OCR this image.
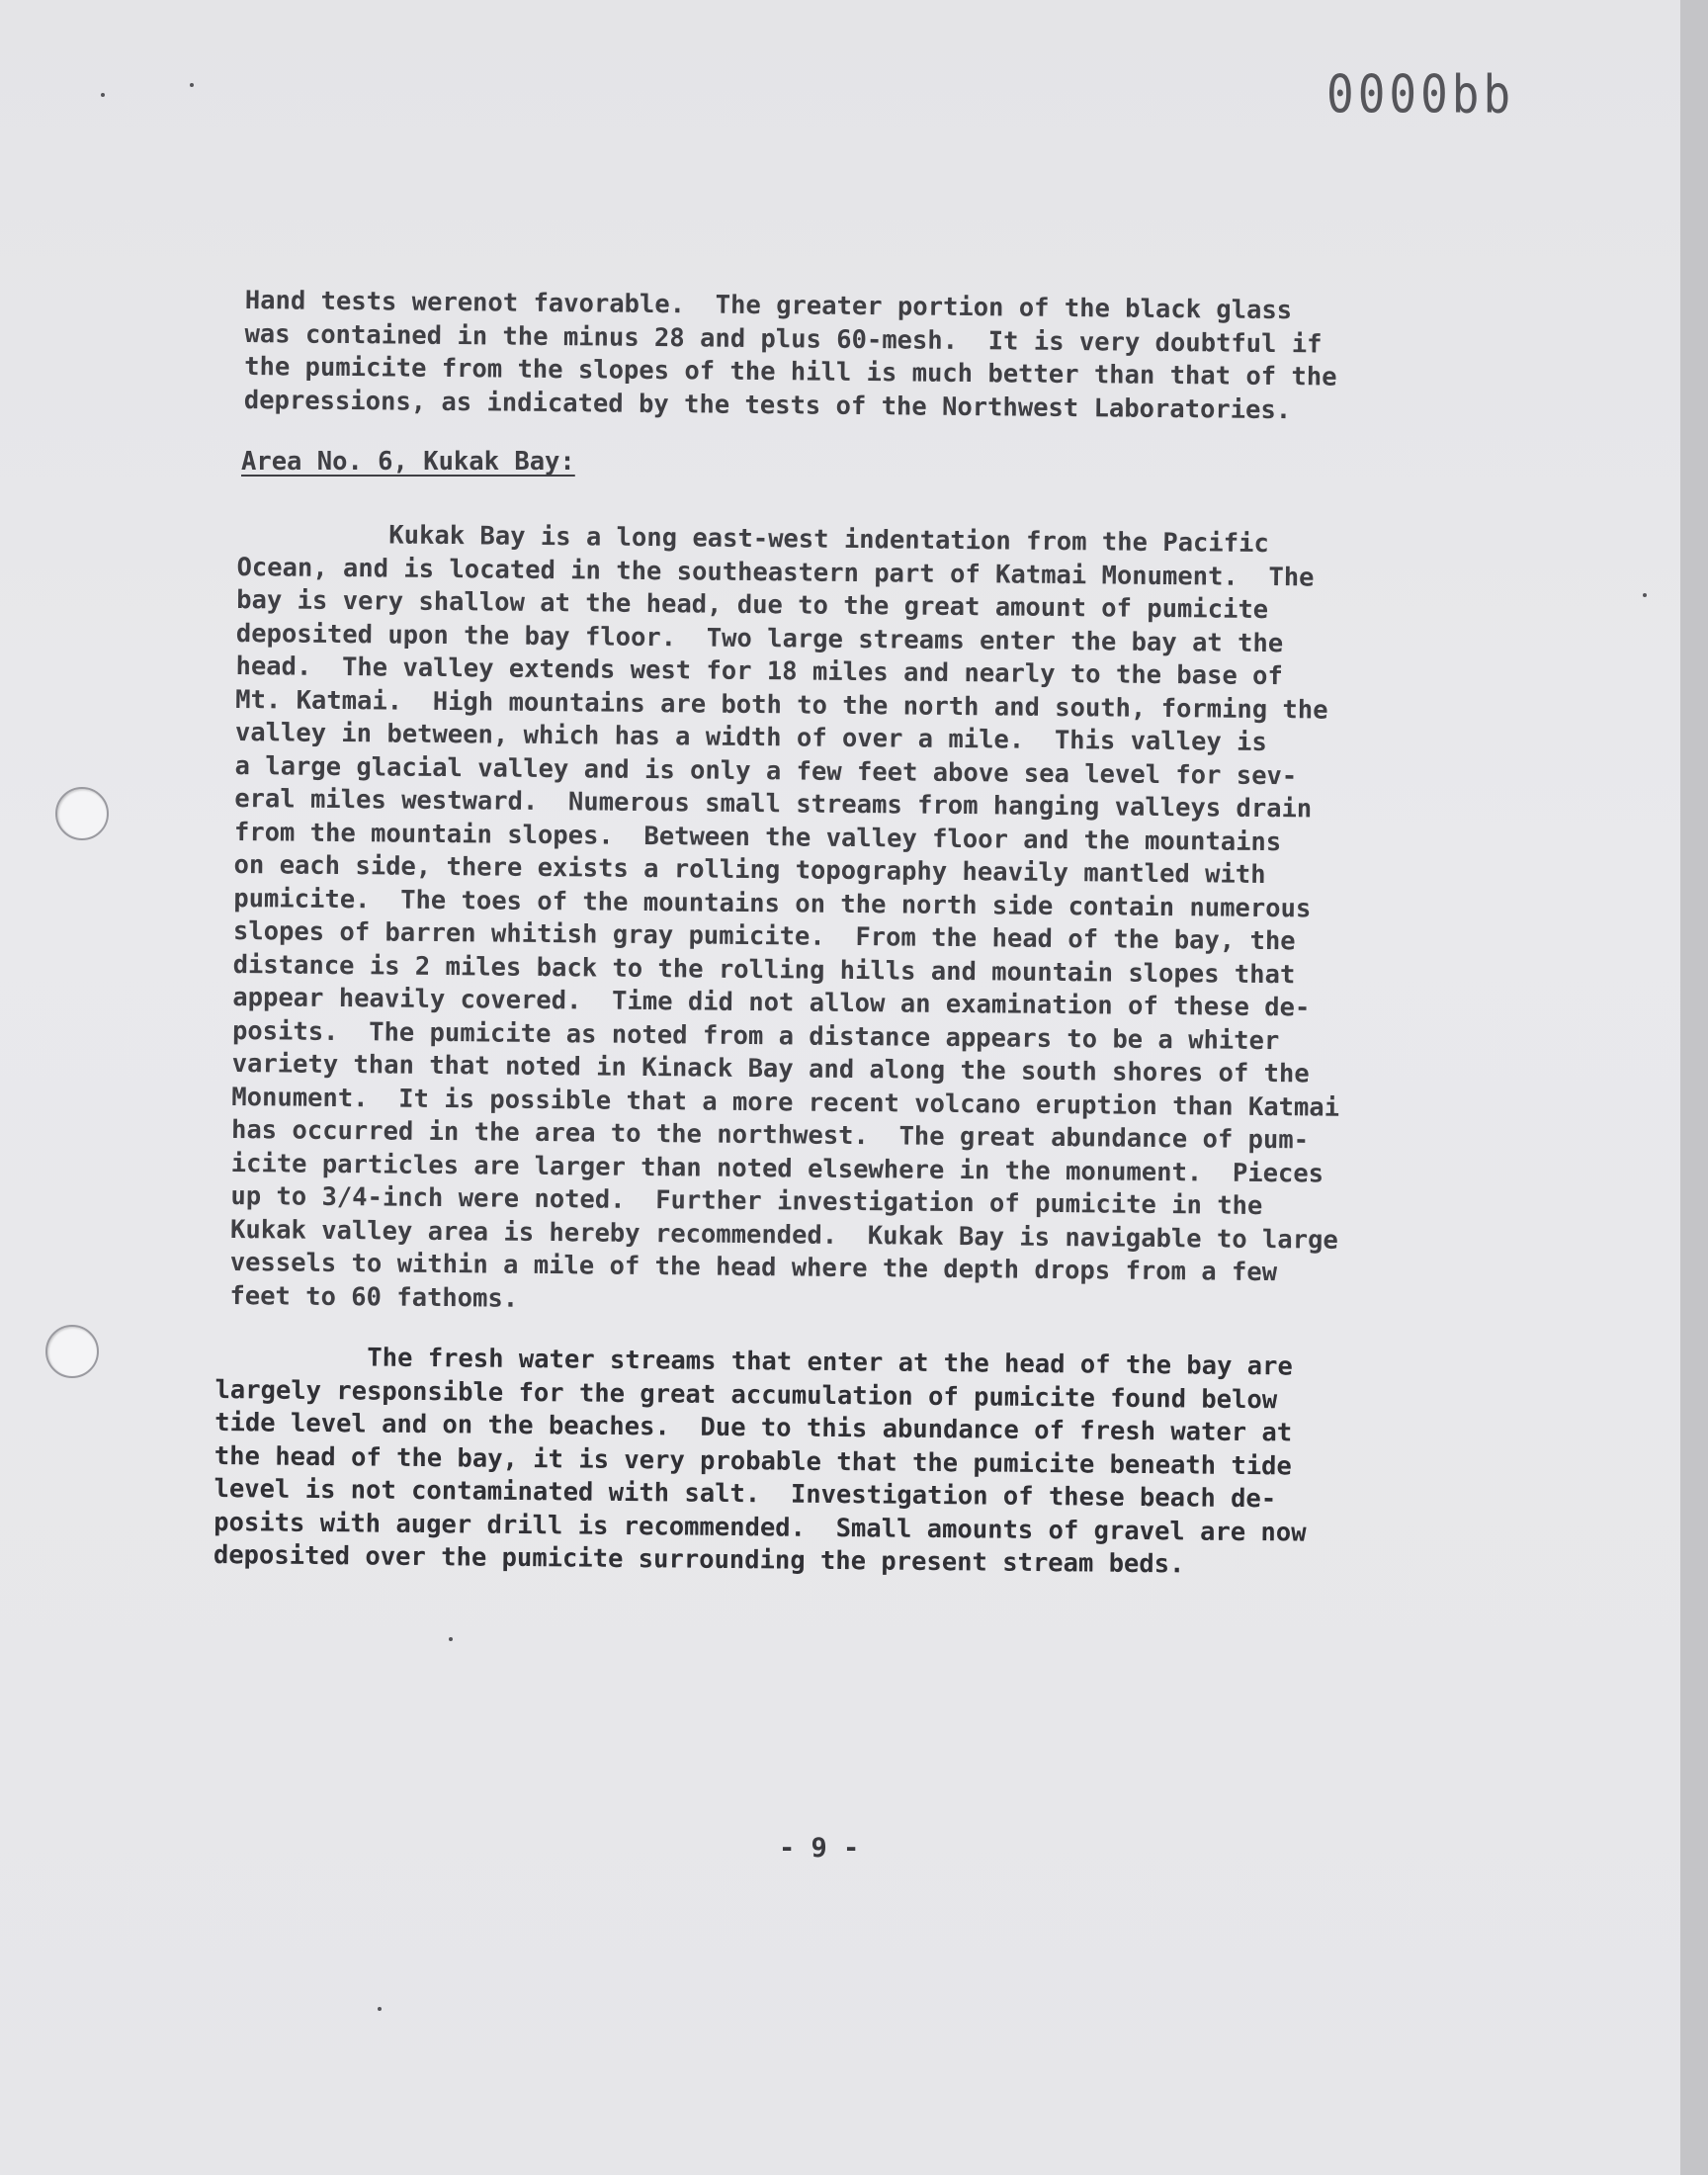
0000bb
Hand tests werenot favorable.  The greater portion of the black glass
was contained in the minus 28 and plus 60-mesh.  It is very doubtful if
the pumicite from the slopes of the hill is much better than that of the
depressions, as indicated by the tests of the Northwest Laboratories.
Area No. 6, Kukak Bay:
Kukak Bay is a long east-west indentation from the Pacific
Ocean, and is located in the southeastern part of Katmai Monument.  The
bay is very shallow at the head, due to the great amount of pumicite
deposited upon the bay floor.  Two large streams enter the bay at the
head.  The valley extends west for 18 miles and nearly to the base of
Mt. Katmai.  High mountains are both to the north and south, forming the
valley in between, which has a width of over a mile.  This valley is
a large glacial valley and is only a few feet above sea level for sev-
eral miles westward.  Numerous small streams from hanging valleys drain
from the mountain slopes.  Between the valley floor and the mountains
on each side, there exists a rolling topography heavily mantled with
pumicite.  The toes of the mountains on the north side contain numerous
slopes of barren whitish gray pumicite.  From the head of the bay, the
distance is 2 miles back to the rolling hills and mountain slopes that
appear heavily covered.  Time did not allow an examination of these de-
posits.  The pumicite as noted from a distance appears to be a whiter
variety than that noted in Kinack Bay and along the south shores of the
Monument.  It is possible that a more recent volcano eruption than Katmai
has occurred in the area to the northwest.  The great abundance of pum-
icite particles are larger than noted elsewhere in the monument.  Pieces
up to 3/4-inch were noted.  Further investigation of pumicite in the
Kukak valley area is hereby recommended.  Kukak Bay is navigable to large
vessels to within a mile of the head where the depth drops from a few
feet to 60 fathoms.
The fresh water streams that enter at the head of the bay are
largely responsible for the great accumulation of pumicite found below
tide level and on the beaches.  Due to this abundance of fresh water at
the head of the bay, it is very probable that the pumicite beneath tide
level is not contaminated with salt.  Investigation of these beach de-
posits with auger drill is recommended.  Small amounts of gravel are now
deposited over the pumicite surrounding the present stream beds.
- 9 -
